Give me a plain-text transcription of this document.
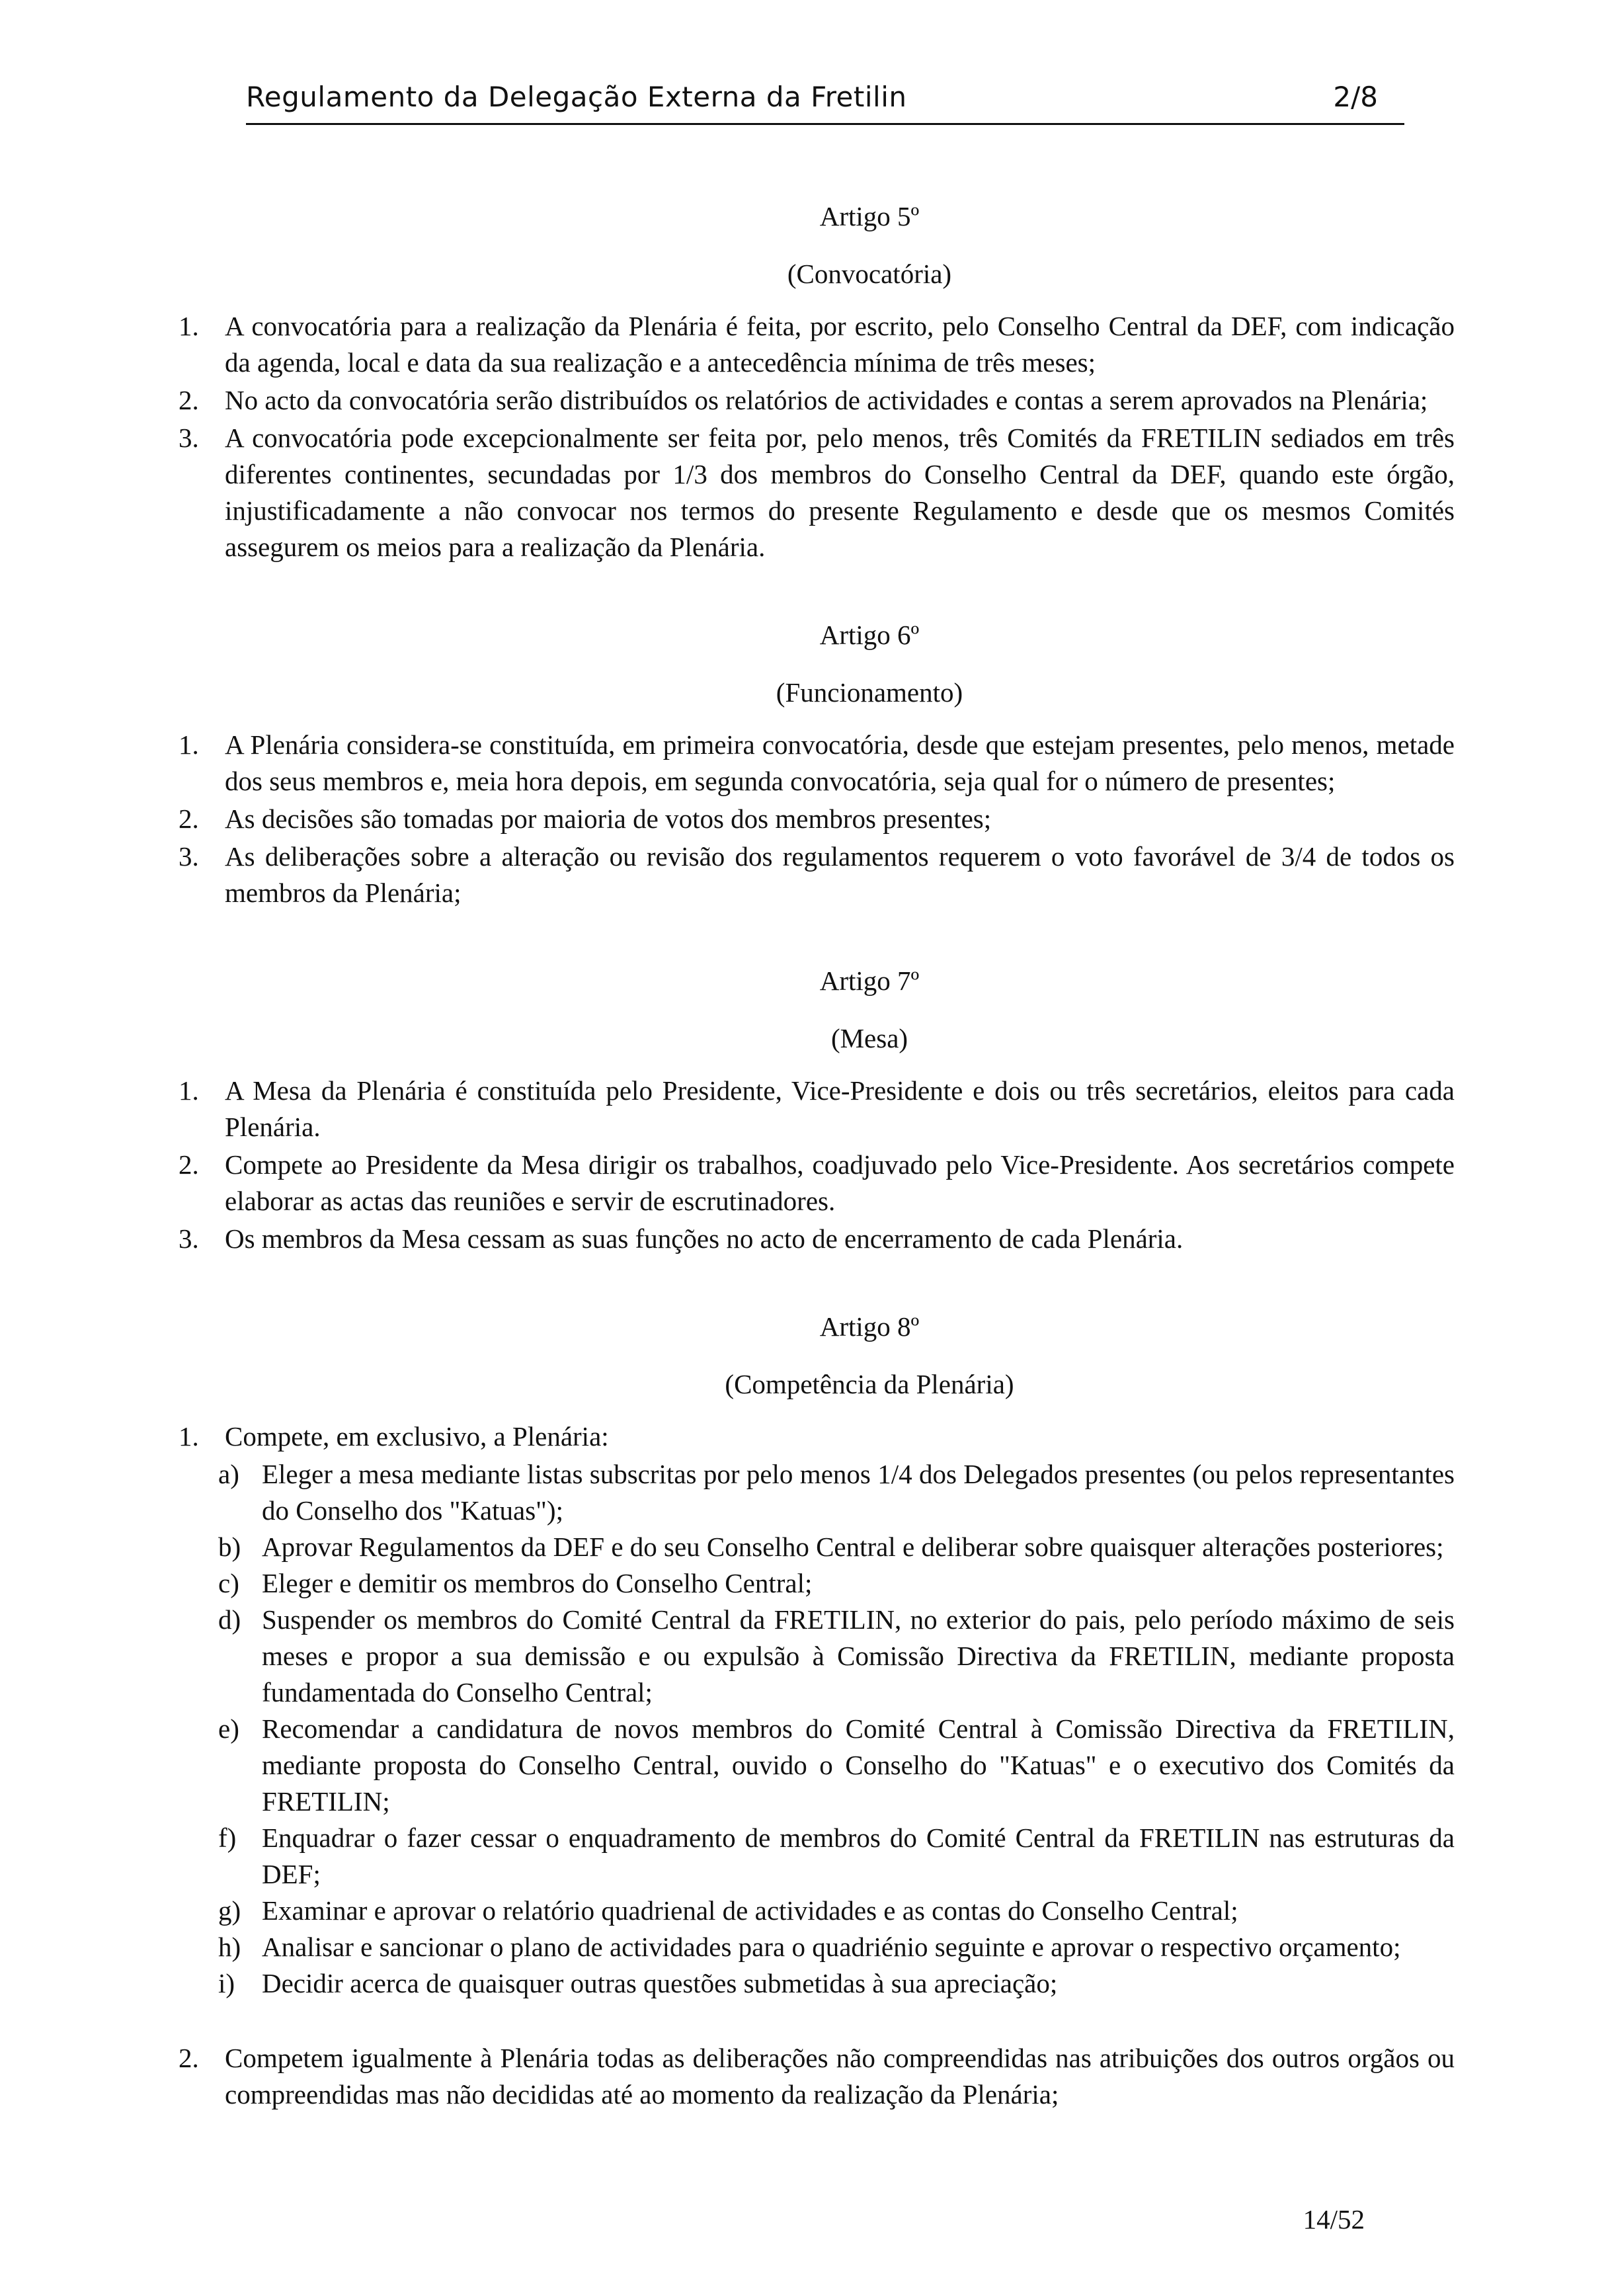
Regulamento da Delegação Externa da Fretilin	2/8

Artigo 5º

(Convocatória)

1. A convocatória para a realização da Plenária é feita, por escrito, pelo Conselho Central da DEF, com indicação da agenda, local e data da sua realização e a antecedência mínima de três meses;
2. No acto da convocatória serão distribuídos os relatórios de actividades e contas a serem aprovados na Plenária;
3. A convocatória pode excepcionalmente ser feita por, pelo menos, três Comités da FRETILIN sediados em três diferentes continentes, secundadas por 1/3 dos membros do Conselho Central da DEF, quando este órgão, injustificadamente a não convocar nos termos do presente Regulamento e desde que os mesmos Comités assegurem os meios para a realização da Plenária.

Artigo 6º

(Funcionamento)

1. A Plenária considera-se constituída, em primeira convocatória, desde que estejam presentes, pelo menos, metade dos seus membros e, meia hora depois, em segunda convocatória, seja qual for o número de presentes;
2. As decisões são tomadas por maioria de votos dos membros presentes;
3. As deliberações sobre a alteração ou revisão dos regulamentos requerem o voto favorável de 3/4 de todos os membros da Plenária;

Artigo 7º

(Mesa)

1. A Mesa da Plenária é constituída pelo Presidente, Vice-Presidente e dois ou três secretários, eleitos para cada Plenária.
2. Compete ao Presidente da Mesa dirigir os trabalhos, coadjuvado pelo Vice-Presidente. Aos secretários compete elaborar as actas das reuniões e servir de escrutinadores.
3. Os membros da Mesa cessam as suas funções no acto de encerramento de cada Plenária.

Artigo 8º

(Competência da Plenária)

1. Compete, em exclusivo, a Plenária:
a) Eleger a mesa mediante listas subscritas por pelo menos 1/4 dos Delegados presentes (ou pelos representantes do Conselho dos "Katuas");
b) Aprovar Regulamentos da DEF e do seu Conselho Central e deliberar sobre quaisquer alterações posteriores;
c) Eleger e demitir os membros do Conselho Central;
d) Suspender os membros do Comité Central da FRETILIN, no exterior do pais, pelo período máximo de seis meses e propor a sua demissão e ou expulsão à Comissão Directiva da FRETILIN, mediante proposta fundamentada do Conselho Central;
e) Recomendar a candidatura de novos membros do Comité Central à Comissão Directiva da FRETILIN, mediante proposta do Conselho Central, ouvido o Conselho do "Katuas" e o executivo dos Comités da FRETILIN;
f) Enquadrar o fazer cessar o enquadramento de membros do Comité Central da FRETILIN nas estruturas da DEF;
g) Examinar e aprovar o relatório quadrienal de actividades e as contas do Conselho Central;
h) Analisar e sancionar o plano de actividades para o quadriénio seguinte e aprovar o respectivo orçamento;
i) Decidir acerca de quaisquer outras questões submetidas à sua apreciação;
2. Competem igualmente à Plenária todas as deliberações não compreendidas nas atribuições dos outros orgãos ou compreendidas mas não decididas até ao momento da realização da Plenária;
14/52
